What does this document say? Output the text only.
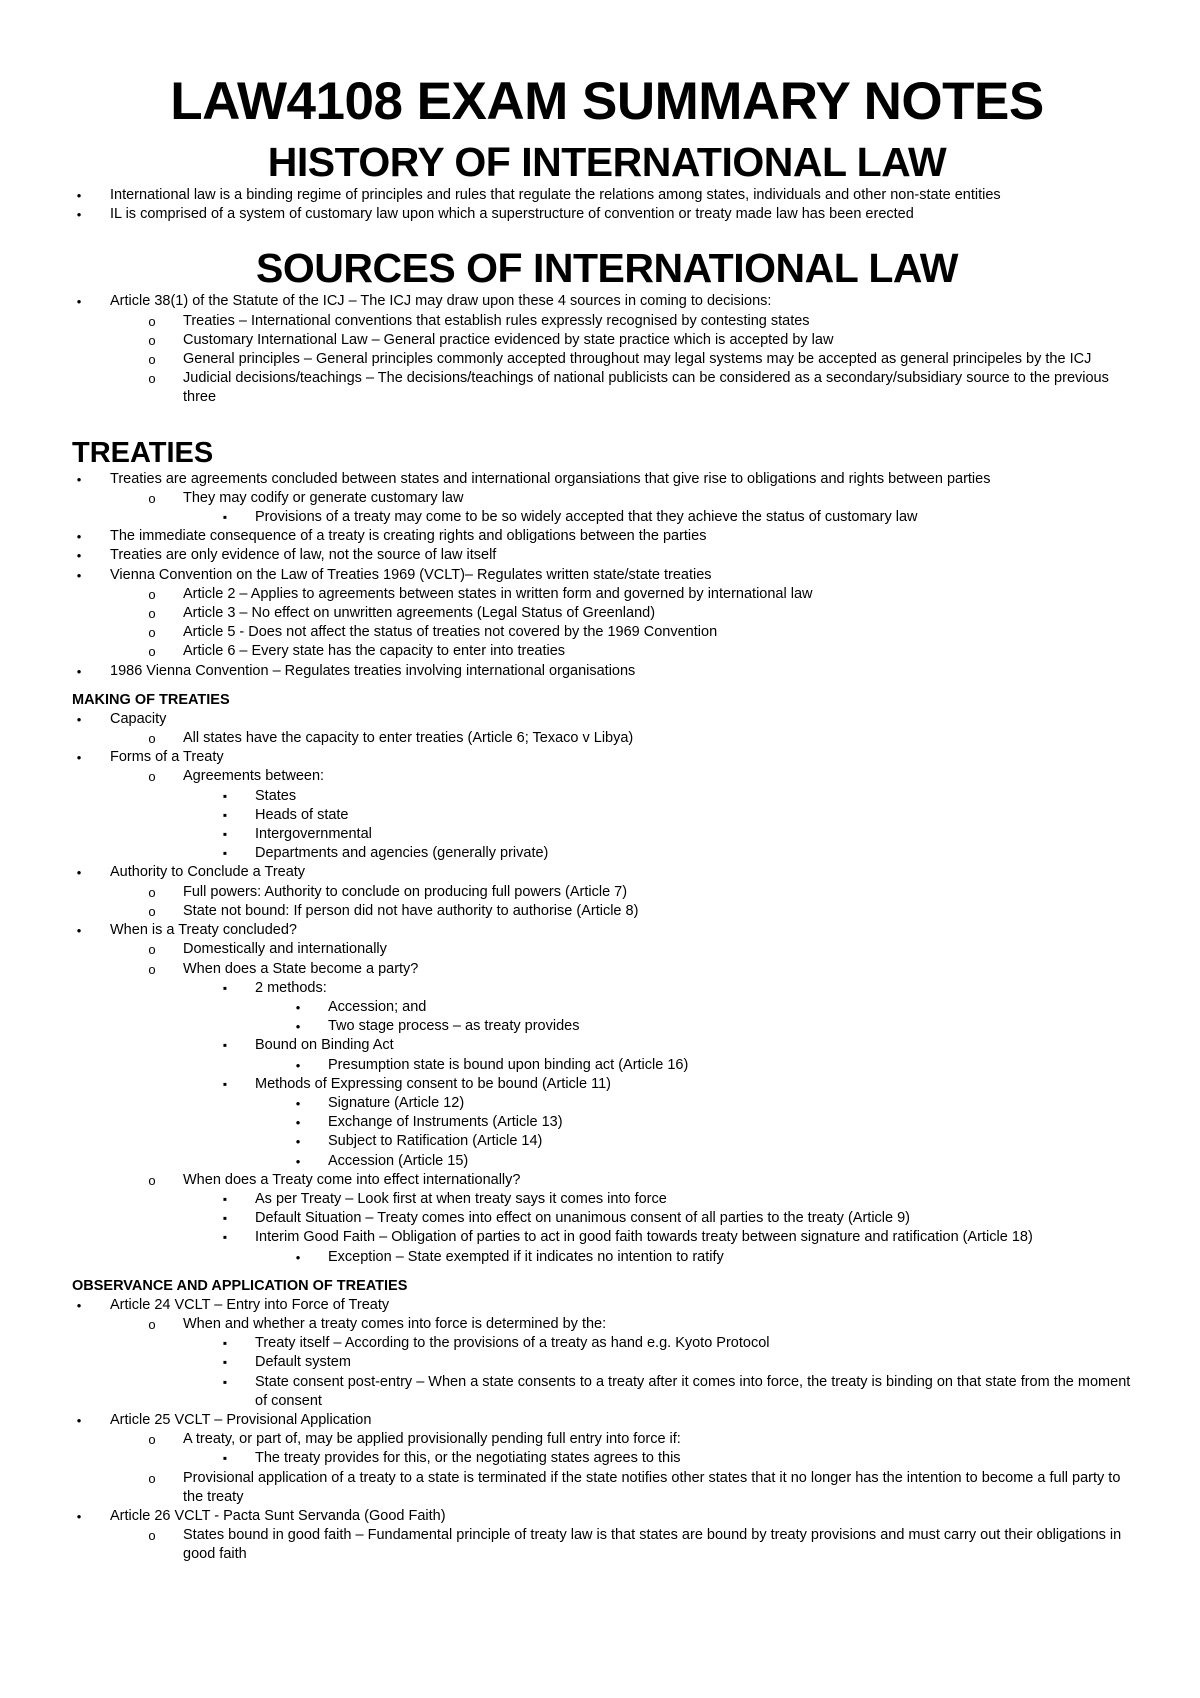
LAW4108 EXAM SUMMARY NOTES
HISTORY OF INTERNATIONAL LAW
•
International law is a binding regime of principles and rules that regulate the relations among states, individuals and other non-state entities
•
IL is comprised of a system of customary law upon which a superstructure of convention or treaty made law has been erected
SOURCES OF INTERNATIONAL LAW
•
Article 38(1) of the Statute of the ICJ – The ICJ may draw upon these 4 sources in coming to decisions:
o
Treaties – International conventions that establish rules expressly recognised by contesting states
o
Customary International Law – General practice evidenced by state practice which is accepted by law
o
General principles – General principles commonly accepted throughout may legal systems may be accepted as general principeles by the ICJ
o
Judicial decisions/teachings – The decisions/teachings of national publicists can be considered as a secondary/subsidiary source to the previous three
TREATIES
•
Treaties are agreements concluded between states and international organsiations that give rise to obligations and rights between parties
o
They may codify or generate customary law
▪
Provisions of a treaty may come to be so widely accepted that they achieve the status of customary law
•
The immediate consequence of a treaty is creating rights and obligations between the parties
•
Treaties are only evidence of law, not the source of law itself
•
Vienna Convention on the Law of Treaties 1969 (VCLT)– Regulates written state/state treaties
o
Article 2 – Applies to agreements between states in written form and governed by international law
o
Article 3 – No effect on unwritten agreements (Legal Status of Greenland)
o
Article 5 - Does not affect the status of treaties not covered by the 1969 Convention
o
Article 6 – Every state has the capacity to enter into treaties
•
1986 Vienna Convention – Regulates treaties involving international organisations
MAKING OF TREATIES
•
Capacity
o
All states have the capacity to enter treaties (Article 6; Texaco v Libya)
•
Forms of a Treaty
o
Agreements between:
▪
States
▪
Heads of state
▪
Intergovernmental
▪
Departments and agencies (generally private)
•
Authority to Conclude a Treaty
o
Full powers: Authority to conclude on producing full powers (Article 7)
o
State not bound: If person did not have authority to authorise (Article 8)
•
When is a Treaty concluded?
o
Domestically and internationally
o
When does a State become a party?
▪
2 methods:
•
Accession; and
•
Two stage process – as treaty provides
▪
Bound on Binding Act
•
Presumption state is bound upon binding act (Article 16)
▪
Methods of Expressing consent to be bound (Article 11)
•
Signature (Article 12)
•
Exchange of Instruments (Article 13)
•
Subject to Ratification (Article 14)
•
Accession (Article 15)
o
When does a Treaty come into effect internationally?
▪
As per Treaty – Look first at when treaty says it comes into force
▪
Default Situation – Treaty comes into effect on unanimous consent of all parties to the treaty (Article 9)
▪
Interim Good Faith – Obligation of parties to act in good faith towards treaty between signature and ratification (Article 18)
•
Exception – State exempted if it indicates no intention to ratify
OBSERVANCE AND APPLICATION OF TREATIES
•
Article 24 VCLT – Entry into Force of Treaty
o
When and whether a treaty comes into force is determined by the:
▪
Treaty itself – According to the provisions of a treaty as hand e.g. Kyoto Protocol
▪
Default system
▪
State consent post-entry – When a state consents to a treaty after it comes into force, the treaty is binding on that state from the moment of consent
•
Article 25 VCLT – Provisional Application
o
A treaty, or part of, may be applied provisionally pending full entry into force if:
▪
The treaty provides for this, or the negotiating states agrees to this
o
Provisional application of a treaty to a state is terminated if the state notifies other states that it no longer has the intention to become a full party to the treaty
•
Article 26 VCLT - Pacta Sunt Servanda (Good Faith)
o
States bound in good faith – Fundamental principle of treaty law is that states are bound by treaty provisions and must carry out their obligations in good faith
